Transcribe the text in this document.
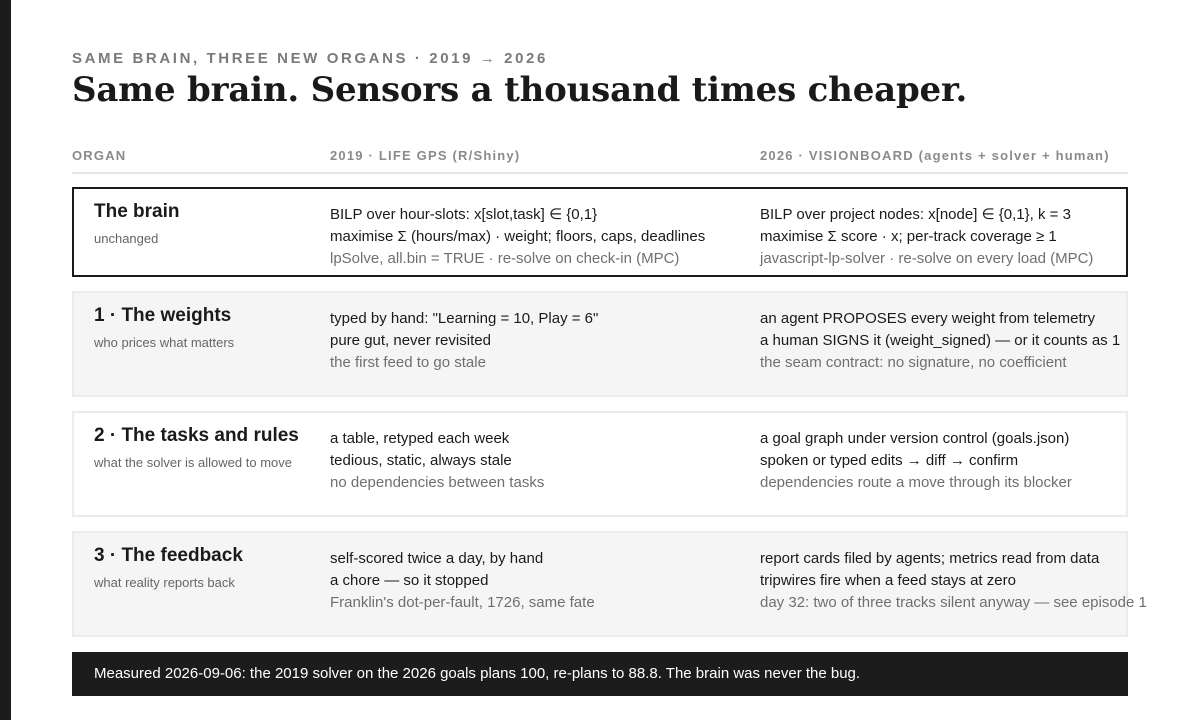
SAME BRAIN, THREE NEW ORGANS · 2019 → 2026
Same brain. Sensors a thousand times cheaper.
ORGAN	2019 · LIFE GPS (R/Shiny)	2026 · VISIONBOARD (agents + solver + human)
The brain
unchanged
BILP over hour-slots: x[slot,task] ∈ {0,1}
maximise Σ (hours/max) · weight; floors, caps, deadlines
lpSolve, all.bin = TRUE · re-solve on check-in (MPC)
BILP over project nodes: x[node] ∈ {0,1}, k = 3
maximise Σ score · x; per-track coverage ≥ 1
javascript-lp-solver · re-solve on every load (MPC)
1 · The weights
who prices what matters
typed by hand: "Learning = 10, Play = 6"
pure gut, never revisited
the first feed to go stale
an agent PROPOSES every weight from telemetry
a human SIGNS it (weight_signed) — or it counts as 1
the seam contract: no signature, no coefficient
2 · The tasks and rules
what the solver is allowed to move
a table, retyped each week
tedious, static, always stale
no dependencies between tasks
a goal graph under version control (goals.json)
spoken or typed edits → diff → confirm
dependencies route a move through its blocker
3 · The feedback
what reality reports back
self-scored twice a day, by hand
a chore — so it stopped
Franklin's dot-per-fault, 1726, same fate
report cards filed by agents; metrics read from data
tripwires fire when a feed stays at zero
day 32: two of three tracks silent anyway — see episode 1
Measured 2026-09-06: the 2019 solver on the 2026 goals plans 100, re-plans to 88.8. The brain was never the bug.
